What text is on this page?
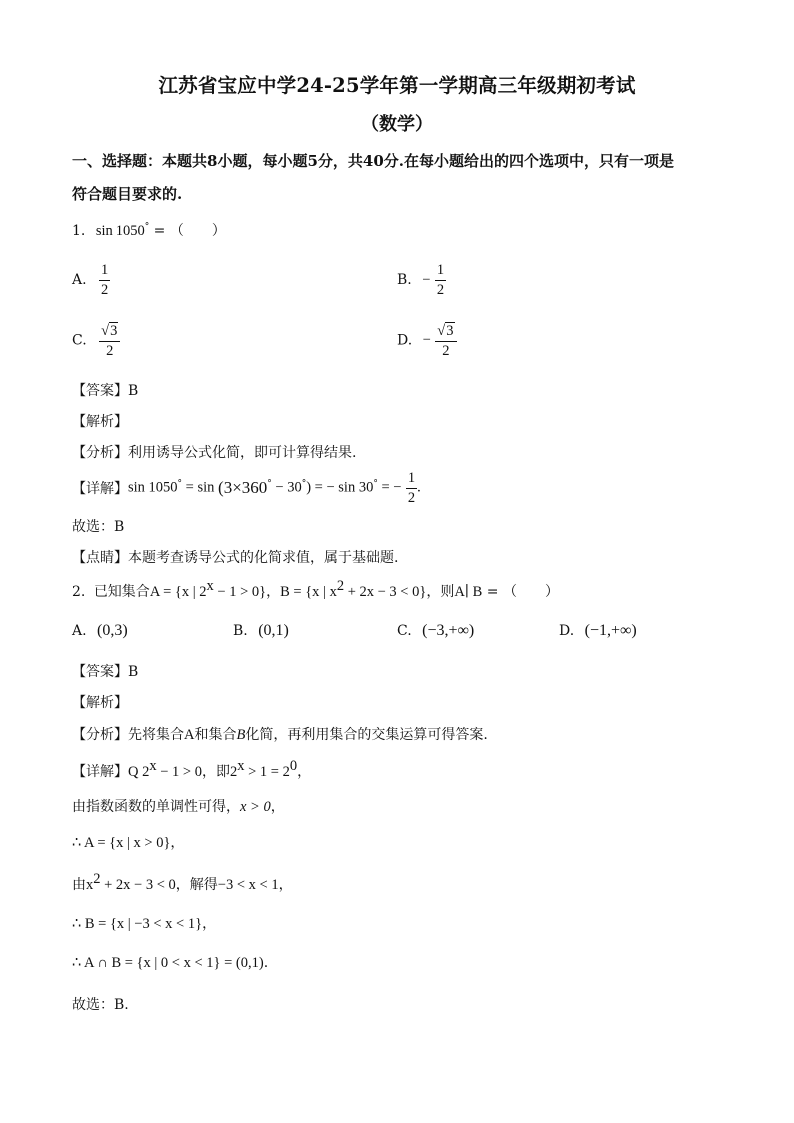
江苏省宝应中学24-25学年第一学期高三年级期初考试
（数学）
一、选择题：本题共8小题，每小题5分，共40分.在每小题给出的四个选项中，只有一项是
符合题目要求的.
1. sin 1050° = （　　）
A. $\frac{1}{2}$	B. − $\frac{1}{2}$
C. $\frac{√3}{2}$	D. − $\frac{√3}{2}$
【答案】B
【解析】
【分析】利用诱导公式化简，即可计算得结果.
【详解】sin 1050° = sin (3×360° − 30°) = − sin 30° = − $\frac{1}{2}$ .
故选：B
【点睛】本题考查诱导公式的化简求值，属于基础题.
2. 已知集合A = {x | $2^x - 1 > 0$}，B = {x | $x^2 + 2x - 3 < 0$}，则A∣ B = （　　）
A. (0,3)	B. (0,1)	C. (−3,+∞)	D. (−1,+∞)
【答案】B
【解析】
【分析】先将集合A和集合B化简，再利用集合的交集运算可得答案.
【详解】Q $2^x - 1 > 0$，即$2^x > 1 = 2^0$，
由指数函数的单调性可得，x > 0，
∴ A = {x | x > 0}，
由$x^2 + 2x - 3 < 0$，解得−3 < x < 1，
∴ B = {x | −3 < x < 1}，
∴ A ∩ B = {x | 0 < x < 1} = (0,1).
故选：B.
